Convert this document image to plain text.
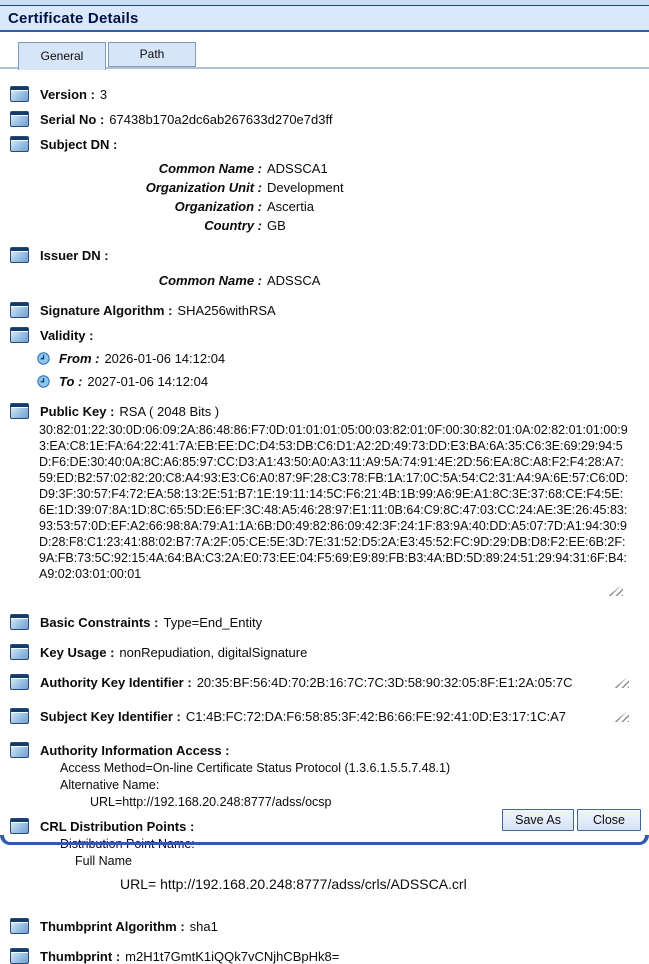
Certificate Details
General	Path
Version : 3
Serial No : 67438b170a2dc6ab267633d270e7d3ff
Subject DN :
Common Name : ADSSCA1
Organization Unit : Development
Organization : Ascertia
Country : GB
Issuer DN :
Common Name : ADSSCA
Signature Algorithm : SHA256withRSA
Validity :
From : 2026-01-06 14:12:04
To : 2027-01-06 14:12:04
Public Key : RSA ( 2048 Bits )
30:82:01:22:30:0D:06:09:2A:86:48:86:F7:0D:01:01:01:05:00:03:82:01:0F:00:30:82:01:0A:02:82:01:01:00:93:EA:C8:1E:FA:64:22:41:7A:EB:EE:DC:D4:53:DB:C6:D1:A2:2D:49:73:DD:E3:BA:6A:35:C6:3E:69:29:94:5D:F6:DE:30:40:0A:8C:A6:85:97:CC:D3:A1:43:50:A0:A3:11:A9:5A:74:91:4E:2D:56:EA:8C:A8:F2:F4:28:A7:59:ED:B2:57:02:82:20:C8:A4:93:E3:C6:A0:87:9F:28:C3:78:FB:1A:17:0C:5A:54:C2:31:A4:9A:6E:57:C6:0D:D9:3F:30:57:F4:72:EA:58:13:2E:51:B7:1E:19:11:14:5C:F6:21:4B:1B:99:A6:9E:A1:8C:3E:37:68:CE:F4:5E:6E:1D:39:07:8A:1D:8C:65:5D:E6:EF:3C:48:A5:46:28:97:E1:11:0B:64:C9:8C:47:03:CC:24:AE:3E:26:45:83:93:53:57:0D:EF:A2:66:98:8A:79:A1:1A:6B:D0:49:82:86:09:42:3F:24:1F:83:9A:40:DD:A5:07:7D:A1:94:30:9D:28:F8:C1:23:41:88:02:B7:7A:2F:05:CE:5E:3D:7E:31:52:D5:2A:E3:45:52:FC:9D:29:DB:D8:F2:EE:6B:2F:9A:FB:73:5C:92:15:4A:64:BA:C3:2A:E0:73:EE:04:F5:69:E9:89:FB:B3:4A:BD:5D:89:24:51:29:94:31:6F:B4:A9:02:03:01:00:01
Basic Constraints : Type=End_Entity
Key Usage : nonRepudiation, digitalSignature
Authority Key Identifier : 20:35:BF:56:4D:70:2B:16:7C:7C:3D:58:90:32:05:8F:E1:2A:05:7C
Subject Key Identifier : C1:4B:FC:72:DA:F6:58:85:3F:42:B6:66:FE:92:41:0D:E3:17:1C:A7
Authority Information Access :
Access Method=On-line Certificate Status Protocol (1.3.6.1.5.5.7.48.1)
Alternative Name:
URL=http://192.168.20.248:8777/adss/ocsp
CRL Distribution Points :
Distribution Point Name:
Full Name
URL= http://192.168.20.248:8777/adss/crls/ADSSCA.crl
Thumbprint Algorithm : sha1
Thumbprint : m2H1t7GmtK1iQQk7vCNjhCBpHk8=
Save As	Close
